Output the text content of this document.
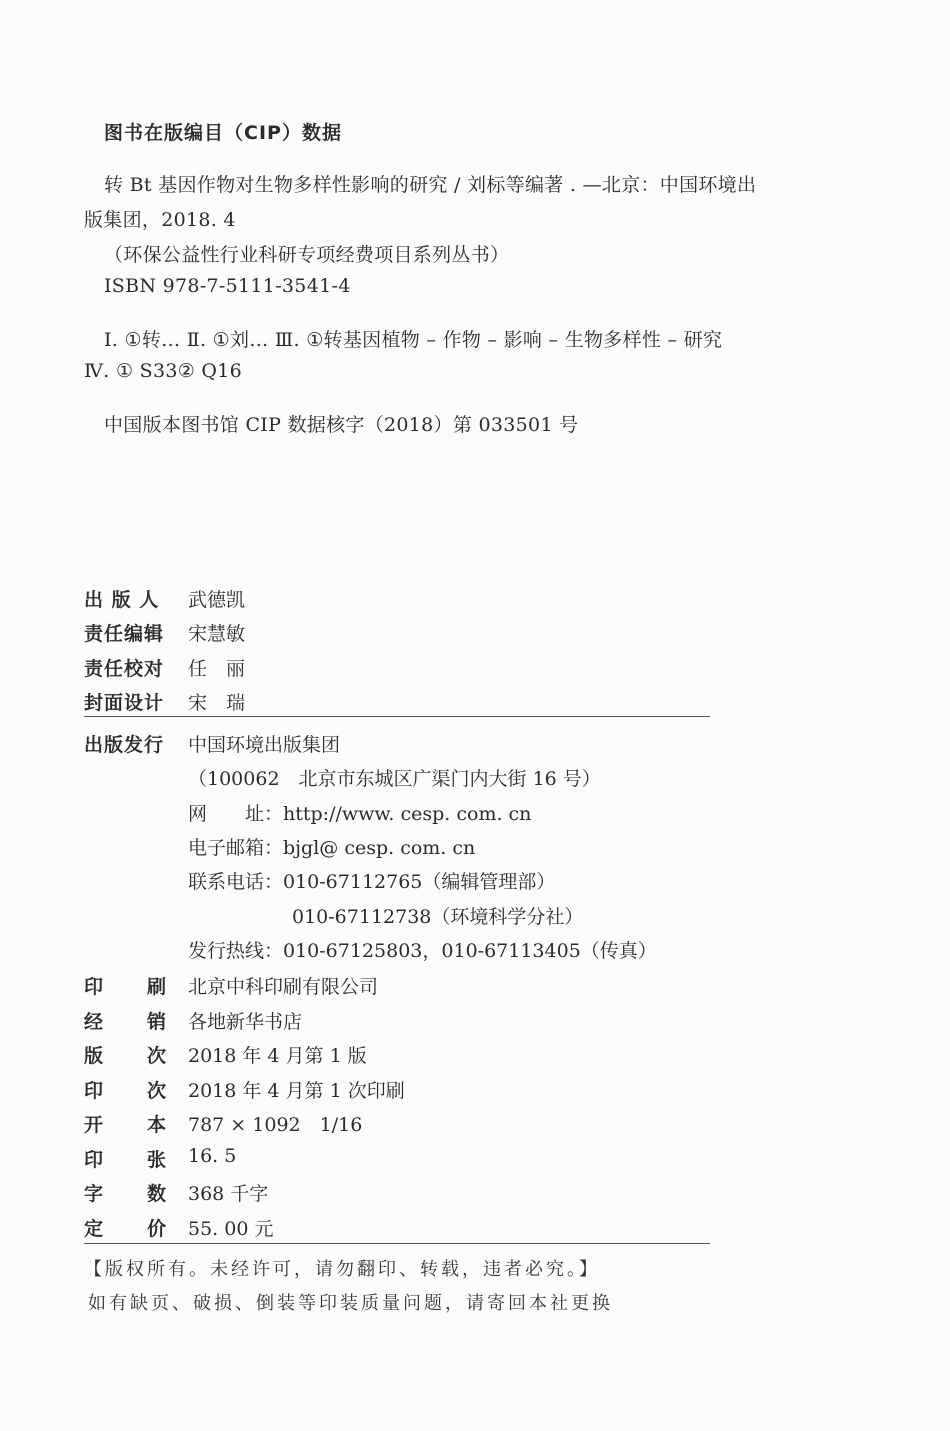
图书在版编目（CIP）数据
转 Bt 基因作物对生物多样性影响的研究 / 刘标等编著 . —北京：中国环境出
版集团，2018. 4
（环保公益性行业科研专项经费项目系列丛书）
ISBN 978-7-5111-3541-4
Ⅰ. ①转… Ⅱ. ①刘… Ⅲ. ①转基因植物 – 作物 – 影响 – 生物多样性 – 研究
Ⅳ. ① S33② Q16
中国版本图书馆 CIP 数据核字（2018）第 033501 号
出 版 人 武德凯
责任编辑 宋慧敏
责任校对 任　丽
封面设计 宋　瑞
出版发行 中国环境出版集团
（100062　北京市东城区广渠门内大街 16 号）
网　　址：http://www. cesp. com. cn
电子邮箱：bjgl@ cesp. com. cn
联系电话：010-67112765（编辑管理部）
010-67112738（环境科学分社）
发行热线：010-67125803，010-67113405（传真）
印 刷 北京中科印刷有限公司
经 销 各地新华书店
版 次 2018 年 4 月第 1 版
印 次 2018 年 4 月第 1 次印刷
开 本 787 × 1092　1/16
印 张 16. 5
字 数 368 千字
定 价 55. 00 元
【版权所有。未经许可，请勿翻印、转载，违者必究。】
如有缺页、破损、倒装等印装质量问题，请寄回本社更换
